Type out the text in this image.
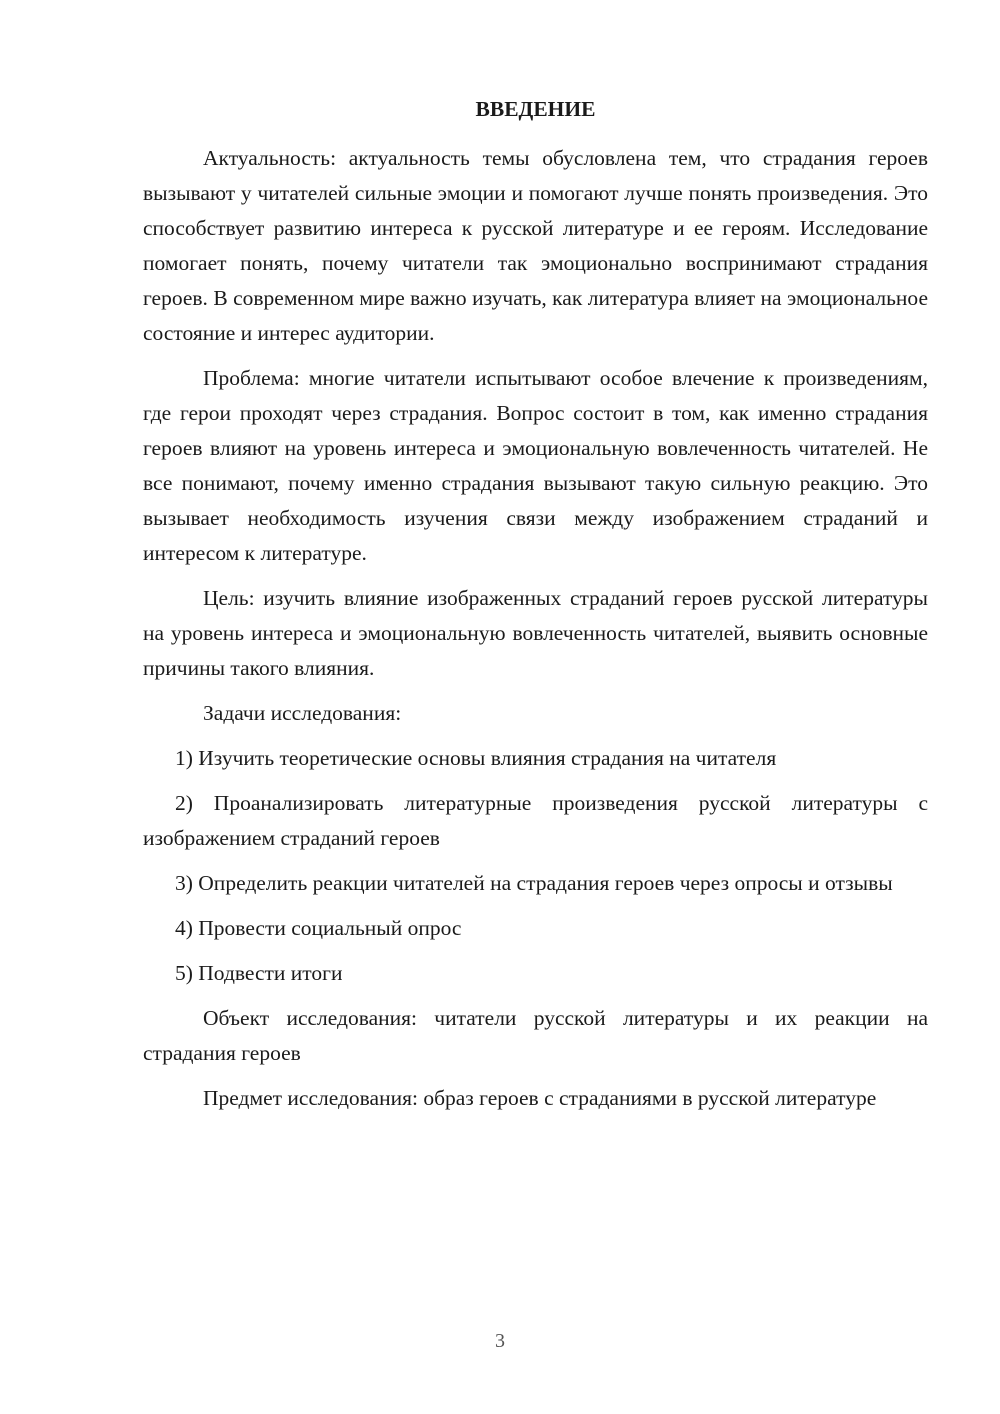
ВВЕДЕНИЕ

Актуальность: актуальность темы обусловлена тем, что страдания героев вызывают у читателей сильные эмоции и помогают лучше понять произведения. Это способствует развитию интереса к русской литературе и ее героям. Исследование помогает понять, почему читатели так эмоционально воспринимают страдания героев. В современном мире важно изучать, как литература влияет на эмоциональное состояние и интерес аудитории.

Проблема: многие читатели испытывают особое влечение к произведениям, где герои проходят через страдания. Вопрос состоит в том, как именно страдания героев влияют на уровень интереса и эмоциональную вовлеченность читателей. Не все понимают, почему именно страдания вызывают такую сильную реакцию. Это вызывает необходимость изучения связи между изображением страданий и интересом к литературе.

Цель: изучить влияние изображенных страданий героев русской литературы на уровень интереса и эмоциональную вовлеченность читателей, выявить основные причины такого влияния.

Задачи исследования:

1) Изучить теоретические основы влияния страдания на читателя

2) Проанализировать литературные произведения русской литературы с изображением страданий героев

3) Определить реакции читателей на страдания героев через опросы и отзывы

4) Провести социальный опрос

5) Подвести итоги

Объект исследования: читатели русской литературы и их реакции на страдания героев

Предмет исследования: образ героев с страданиями в русской литературе

3
